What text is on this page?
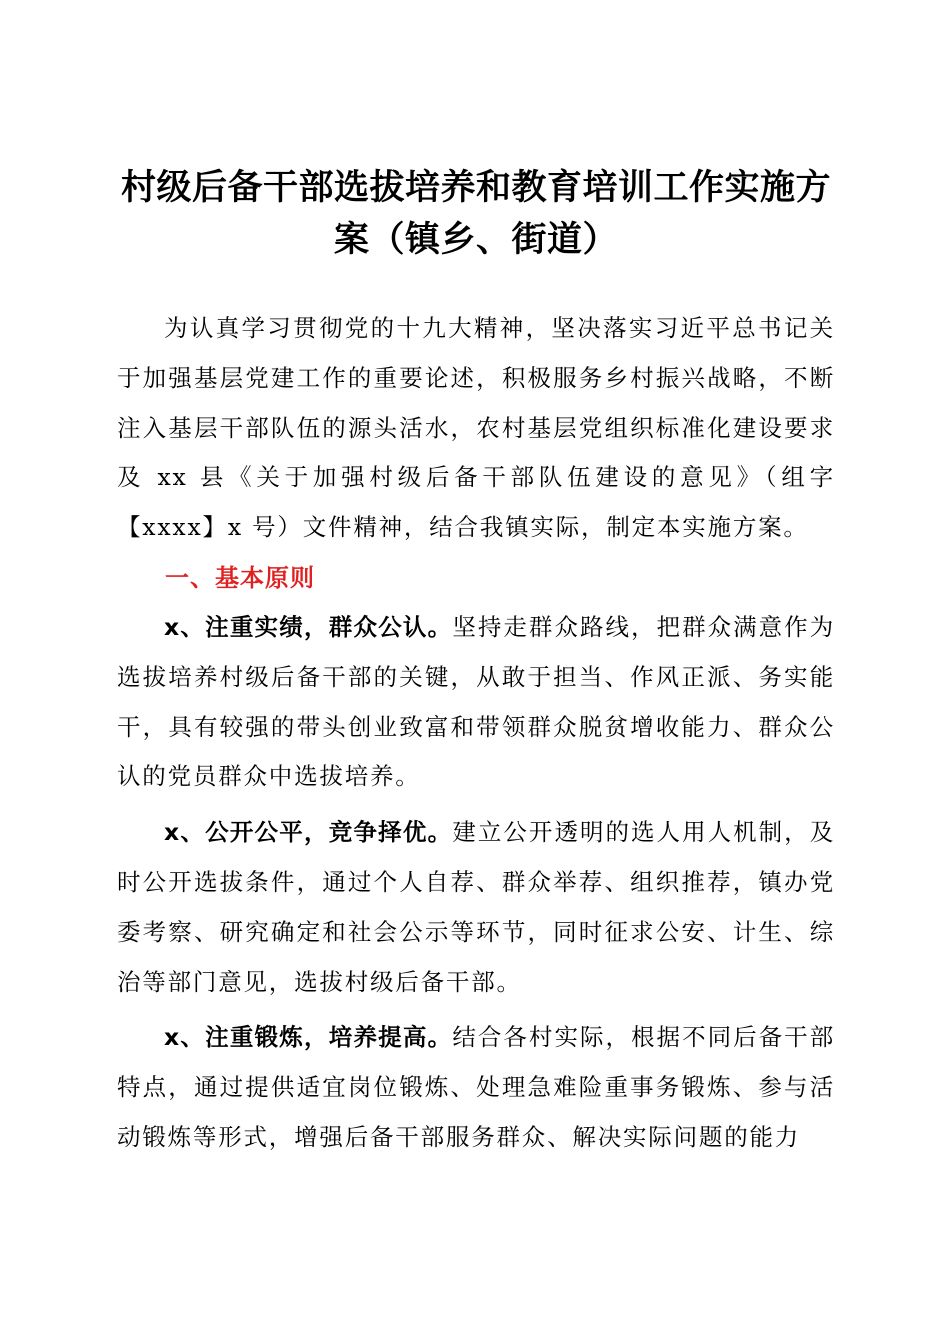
村级后备干部选拔培养和教育培训工作实施方
案（镇乡、街道）

为认真学习贯彻党的十九大精神，坚决落实习近平总书记关于加强基层党建工作的重要论述，积极服务乡村振兴战略，不断注入基层干部队伍的源头活水，农村基层党组织标准化建设要求及 xx 县《关于加强村级后备干部队伍建设的意见》（组字【xxxx】x 号）文件精神，结合我镇实际，制定本实施方案。

一、基本原则

x、注重实绩，群众公认。坚持走群众路线，把群众满意作为选拔培养村级后备干部的关键，从敢于担当、作风正派、务实能干，具有较强的带头创业致富和带领群众脱贫增收能力、群众公认的党员群众中选拔培养。

x、公开公平，竞争择优。建立公开透明的选人用人机制，及时公开选拔条件，通过个人自荐、群众举荐、组织推荐，镇办党委考察、研究确定和社会公示等环节，同时征求公安、计生、综治等部门意见，选拔村级后备干部。

x、注重锻炼，培养提高。结合各村实际，根据不同后备干部特点，通过提供适宜岗位锻炼、处理急难险重事务锻炼、参与活动锻炼等形式，增强后备干部服务群众、解决实际问题的能力
